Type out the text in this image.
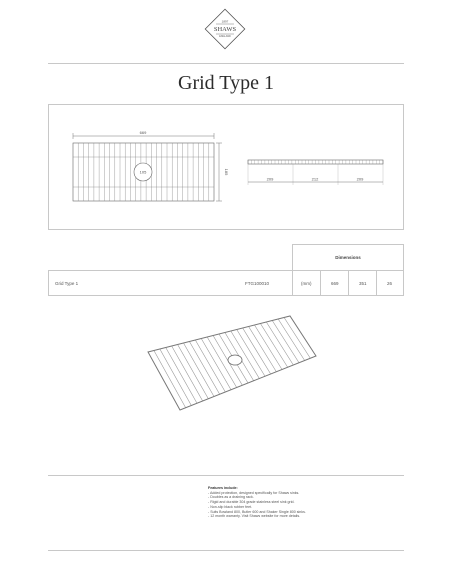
1897
SHAWS
ENGLAND
Grid Type 1
669
105	185
209	212	209
Dimensions
Grid Type 1	FTG100010	(mm)	669	351	26
Features include:
- Added protection, designed specifically for Shaws sinks.
- Doubles as a draining rack.
- Rigid and durable 304 grade stainless steel sink grid.
- Non-slip black rubber feet.
- Suits Bowland 800, Butler 600 and Shaker Single 800 sinks.
- 12 month warranty. Visit Shaws website for more details.
